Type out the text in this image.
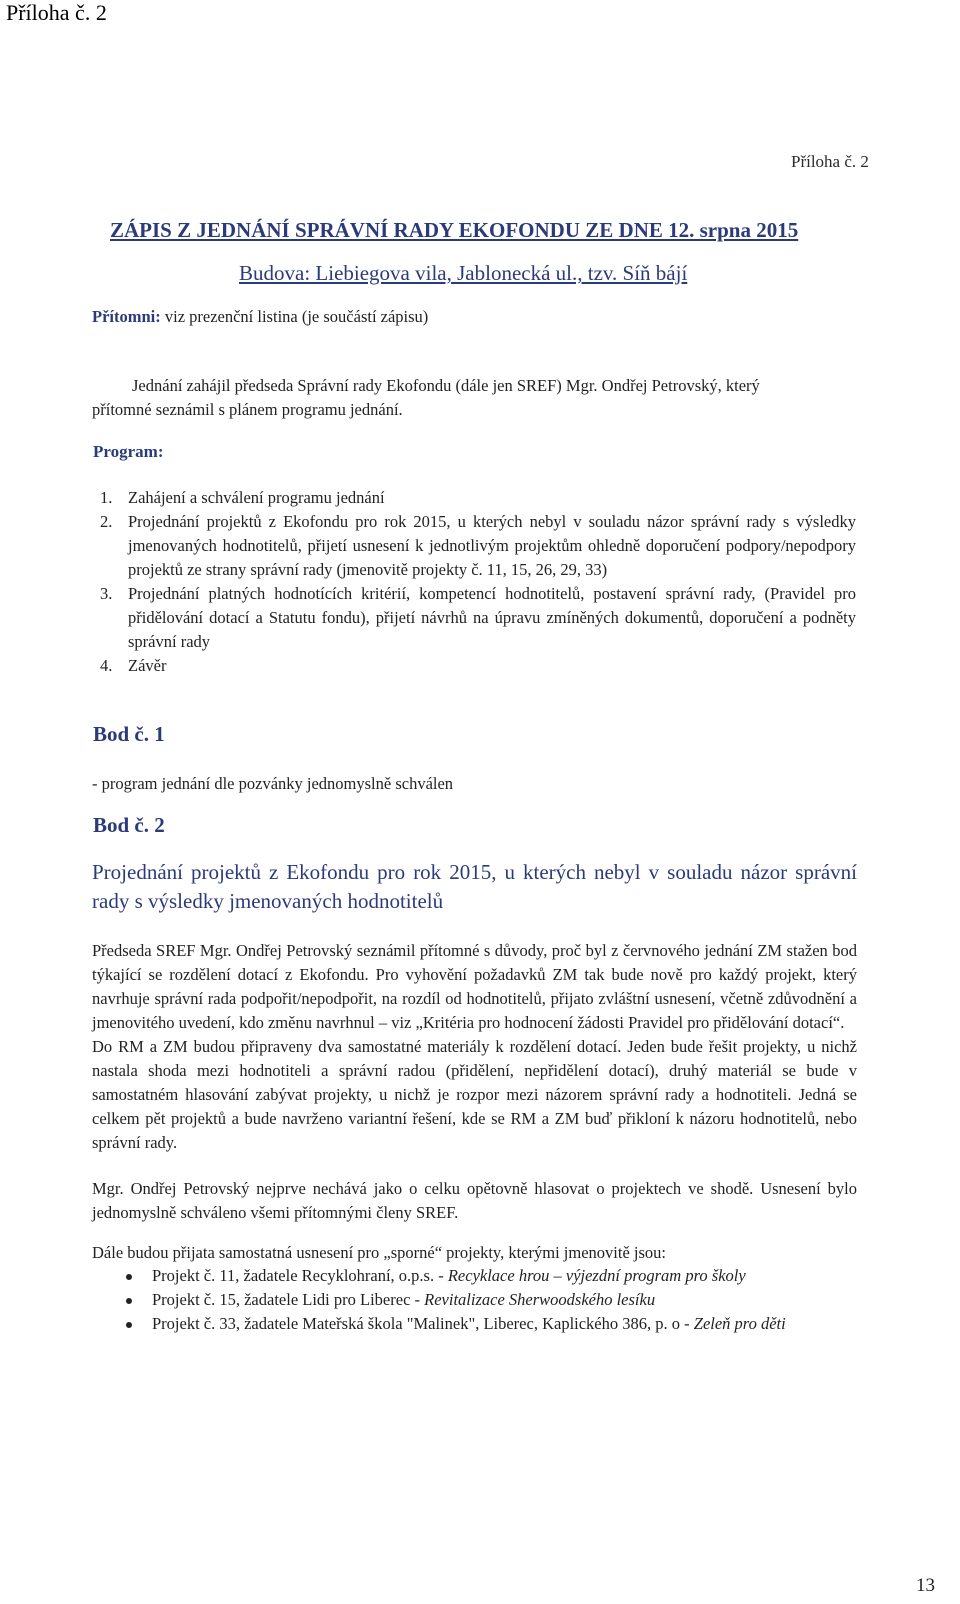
Příloha č. 2
Příloha č. 2
ZÁPIS Z JEDNÁNÍ SPRÁVNÍ RADY EKOFONDU ZE DNE 12. srpna 2015
Budova: Liebiegova vila, Jablonecká ul., tzv. Síň bájí
Přítomni: viz prezenční listina (je součástí zápisu)
Jednání zahájil předseda Správní rady Ekofondu (dále jen SREF) Mgr. Ondřej Petrovský, který
přítomné seznámil s plánem programu jednání.
Program:
1. Zahájení a schválení programu jednání
2. Projednání projektů z Ekofondu pro rok 2015, u kterých nebyl v souladu názor správní rady s výsledky jmenovaných hodnotitelů, přijetí usnesení k jednotlivým projektům ohledně doporučení podpory/nepodpory projektů ze strany správní rady (jmenovitě projekty č. 11, 15, 26, 29, 33)
3. Projednání platných hodnotících kritérií, kompetencí hodnotitelů, postavení správní rady, (Pravidel pro přidělování dotací a Statutu fondu), přijetí návrhů na úpravu zmíněných dokumentů, doporučení a podněty správní rady
4. Závěr
Bod č. 1
- program jednání dle pozvánky jednomyslně schválen
Bod č. 2
Projednání projektů z Ekofondu pro rok 2015, u kterých nebyl v souladu názor správní rady s výsledky jmenovaných hodnotitelů
Předseda SREF Mgr. Ondřej Petrovský seznámil přítomné s důvody, proč byl z červnového jednání ZM stažen bod týkající se rozdělení dotací z Ekofondu. Pro vyhovění požadavků ZM tak bude nově pro každý projekt, který navrhuje správní rada podpořit/nepodpořit, na rozdíl od hodnotitelů, přijato zvláštní usnesení, včetně zdůvodnění a jmenovitého uvedení, kdo změnu navrhnul – viz „Kritéria pro hodnocení žádosti Pravidel pro přidělování dotací“.
Do RM a ZM budou připraveny dva samostatné materiály k rozdělení dotací. Jeden bude řešit projekty, u nichž nastala shoda mezi hodnotiteli a správní radou (přidělení, nepřidělení dotací), druhý materiál se bude v samostatném hlasování zabývat projekty, u nichž je rozpor mezi názorem správní rady a hodnotiteli. Jedná se celkem pět projektů a bude navrženo variantní řešení, kde se RM a ZM buď přikloní k názoru hodnotitelů, nebo správní rady.
Mgr. Ondřej Petrovský nejprve nechává jako o celku opětovně hlasovat o projektech ve shodě. Usnesení bylo jednomyslně schváleno všemi přítomnými členy SREF.
Dále budou přijata samostatná usnesení pro „sporné“ projekty, kterými jmenovitě jsou:
Projekt č. 11, žadatele Recyklohraní, o.p.s. - Recyklace hrou – výjezdní program pro školy
Projekt č. 15, žadatele Lidi pro Liberec - Revitalizace Sherwoodského lesíku
Projekt č. 33, žadatele Mateřská škola "Malinek", Liberec, Kaplického 386, p. o - Zeleň pro děti
13
